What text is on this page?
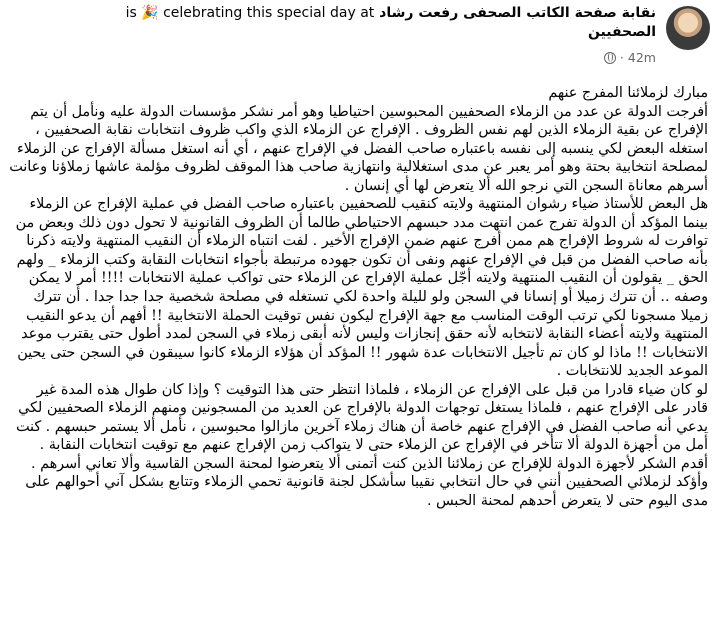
نقابة صفحة الكاتب الصحفى رفعت رشاد is 🎉 celebrating this special day at
الصحفيين
42m
·

مبارك لزملائنا المفرج عنهم

أفرجت الدولة عن عدد من الزملاء الصحفيين المحبوسين احتياطيا وهو أمر نشكر مؤسسات الدولة عليه ونأمل أن يتم الإفراج عن بقية الزملاء الذين لهم نفس الظروف . الإفراج عن الزملاء الذي واكب ظروف انتخابات نقابة الصحفيين ، استغله البعض لكي ينسبه إلى نفسه باعتباره صاحب الفضل في الإفراج عنهم ، أي أنه استغل مسألة الإفراج عن الزملاء لمصلحة انتخابية بحتة وهو أمر يعبر عن مدى استغلالية وانتهازية صاحب هذا الموقف لظروف مؤلمة عاشها زملاؤنا وعانت أسرهم معاناة السجن التي نرجو الله ألا يتعرض لها أي إنسان .

هل البعض للأستاذ ضياء رشوان المنتهية ولايته كنقيب للصحفيين باعتباره صاحب الفضل في عملية الإفراج عن الزملاء بينما المؤكد أن الدولة تفرج عمن انتهت مدد حبسهم الاحتياطي طالما أن الظروف القانونية لا تحول دون ذلك وبعض من توافرت له شروط الإفراج هم ممن أفرج عنهم ضمن الإفراج الأخير . لفت انتباه الزملاء أن النقيب المنتهية ولايته ذكرنا بأنه صاحب الفضل من قبل في الإفراج عنهم ونفى أن تكون جهوده مرتبطة بأجواء انتخابات النقابة وكتب الزملاء _ ولهم الحق _ يقولون أن النقيب المنتهية ولايته أجّل عملية الإفراج عن الزملاء حتى تواكب عملية الانتخابات !!!! أمر لا يمكن وصفه .. أن تترك زميلا أو إنسانا في السجن ولو لليلة واحدة لكي تستغله في مصلحة شخصية جدا جدا جدا . أن تترك زميلا مسجونا لكي ترتب الوقت المناسب مع جهة الإفراج ليكون نفس توقيت الحملة الانتخابية !! أفهم أن يدعو النقيب المنتهية ولايته أعضاء النقابة لانتخابه لأنه حقق إنجازات وليس لأنه أبقى زملاء في السجن لمدد أطول حتى يقترب موعد الانتخابات !! ماذا لو كان تم تأجيل الانتخابات عدة شهور !! المؤكد أن هؤلاء الزملاء كانوا سيبقون في السجن حتى يحين الموعد الجديد للانتخابات .

لو كان ضياء قادرا من قبل على الإفراج عن الزملاء ، فلماذا انتظر حتى هذا التوقيت ؟ وإذا كان طوال هذه المدة غير قادر على الإفراج عنهم ، فلماذا يستغل توجهات الدولة بالإفراج عن العديد من المسجونين ومنهم الزملاء الصحفيين لكي يدعي أنه صاحب الفضل في الإفراج عنهم خاصة أن هناك زملاء آخرين مازالوا محبوسين ، نأمل ألا يستمر حبسهم . كنت أمل من أجهزة الدولة ألا تتأخر في الإفراج عن الزملاء حتى لا يتواكب زمن الإفراج عنهم مع توقيت انتخابات النقابة .

أقدم الشكر لأجهزة الدولة للإفراج عن زملائنا الذين كنت أتمنى ألا يتعرضوا لمحنة السجن القاسية وألا تعاني أسرهم . وأؤكد لزملائي الصحفيين أنني في حال انتخابي نقيبا سأشكل لجنة قانونية تحمي الزملاء وتتابع بشكل آني أحوالهم على مدى اليوم حتى لا يتعرض أحدهم لمحنة الحبس .
